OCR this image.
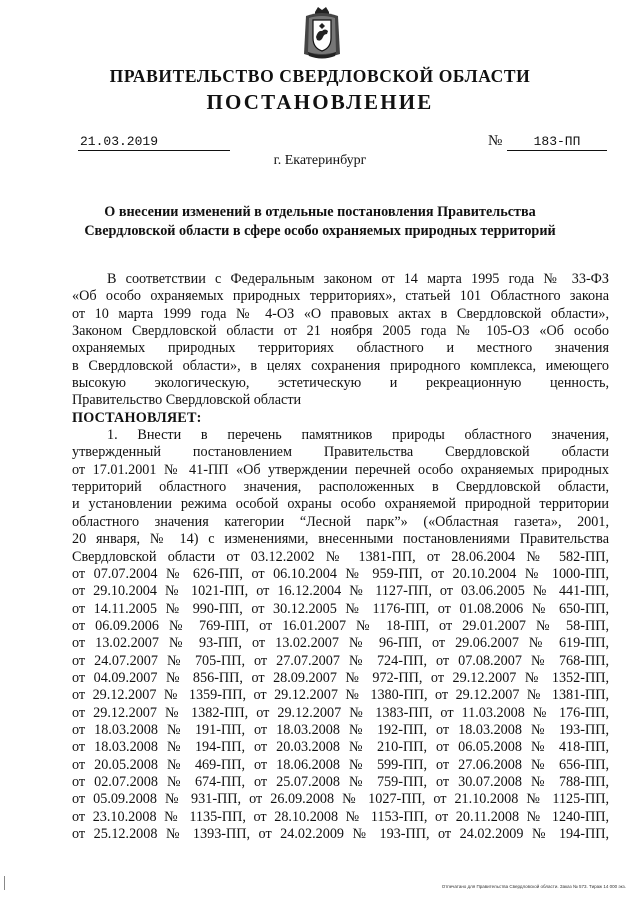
ПРАВИТЕЛЬСТВО СВЕРДЛОВСКОЙ ОБЛАСТИ
ПОСТАНОВЛЕНИЕ
21.03.2019	№	183-ПП
г. Екатеринбург
О внесении изменений в отдельные постановления Правительства
Свердловской области в сфере особо охраняемых природных территорий
В соответствии с Федеральным законом от 14 марта 1995 года № 33-ФЗ
«Об особо охраняемых природных территориях», статьей 101 Областного закона
от 10 марта 1999 года № 4-ОЗ «О правовых актах в Свердловской области»,
Законом Свердловской области от 21 ноября 2005 года № 105-ОЗ «Об особо
охраняемых природных территориях областного и местного значения
в Свердловской области», в целях сохранения природного комплекса, имеющего
высокую экологическую, эстетическую и рекреационную ценность,
Правительство Свердловской области

ПОСТАНОВЛЯЕТ:

1. Внести в перечень памятников природы областного значения,
утвержденный постановлением Правительства Свердловской области
от 17.01.2001 № 41-ПП «Об утверждении перечней особо охраняемых природных
территорий областного значения, расположенных в Свердловской области,
и установлении режима особой охраны особо охраняемой природной территории
областного значения категории “Лесной парк”» («Областная газета», 2001,
20 января, № 14) с изменениями, внесенными постановлениями Правительства
Свердловской области от 03.12.2002 № 1381-ПП, от 28.06.2004 № 582-ПП,
от 07.07.2004 № 626-ПП, от 06.10.2004 № 959-ПП, от 20.10.2004 № 1000-ПП,
от 29.10.2004 № 1021-ПП, от 16.12.2004 № 1127-ПП, от 03.06.2005 № 441-ПП,
от 14.11.2005 № 990-ПП, от 30.12.2005 № 1176-ПП, от 01.08.2006 № 650-ПП,
от 06.09.2006 № 769-ПП, от 16.01.2007 № 18-ПП, от 29.01.2007 № 58-ПП,
от 13.02.2007 № 93-ПП, от 13.02.2007 № 96-ПП, от 29.06.2007 № 619-ПП,
от 24.07.2007 № 705-ПП, от 27.07.2007 № 724-ПП, от 07.08.2007 № 768-ПП,
от 04.09.2007 № 856-ПП, от 28.09.2007 № 972-ПП, от 29.12.2007 № 1352-ПП,
от 29.12.2007 № 1359-ПП, от 29.12.2007 № 1380-ПП, от 29.12.2007 № 1381-ПП,
от 29.12.2007 № 1382-ПП, от 29.12.2007 № 1383-ПП, от 11.03.2008 № 176-ПП,
от 18.03.2008 № 191-ПП, от 18.03.2008 № 192-ПП, от 18.03.2008 № 193-ПП,
от 18.03.2008 № 194-ПП, от 20.03.2008 № 210-ПП, от 06.05.2008 № 418-ПП,
от 20.05.2008 № 469-ПП, от 18.06.2008 № 599-ПП, от 27.06.2008 № 656-ПП,
от 02.07.2008 № 674-ПП, от 25.07.2008 № 759-ПП, от 30.07.2008 № 788-ПП,
от 05.09.2008 № 931-ПП, от 26.09.2008 № 1027-ПП, от 21.10.2008 № 1125-ПП,
от 23.10.2008 № 1135-ПП, от 28.10.2008 № 1153-ПП, от 20.11.2008 № 1240-ПП,
от 25.12.2008 № 1393-ПП, от 24.02.2009 № 193-ПП, от 24.02.2009 № 194-ПП,
Отпечатано для Правительства Свердловской области. Заказ № 573. Тираж 14 000 экз.
